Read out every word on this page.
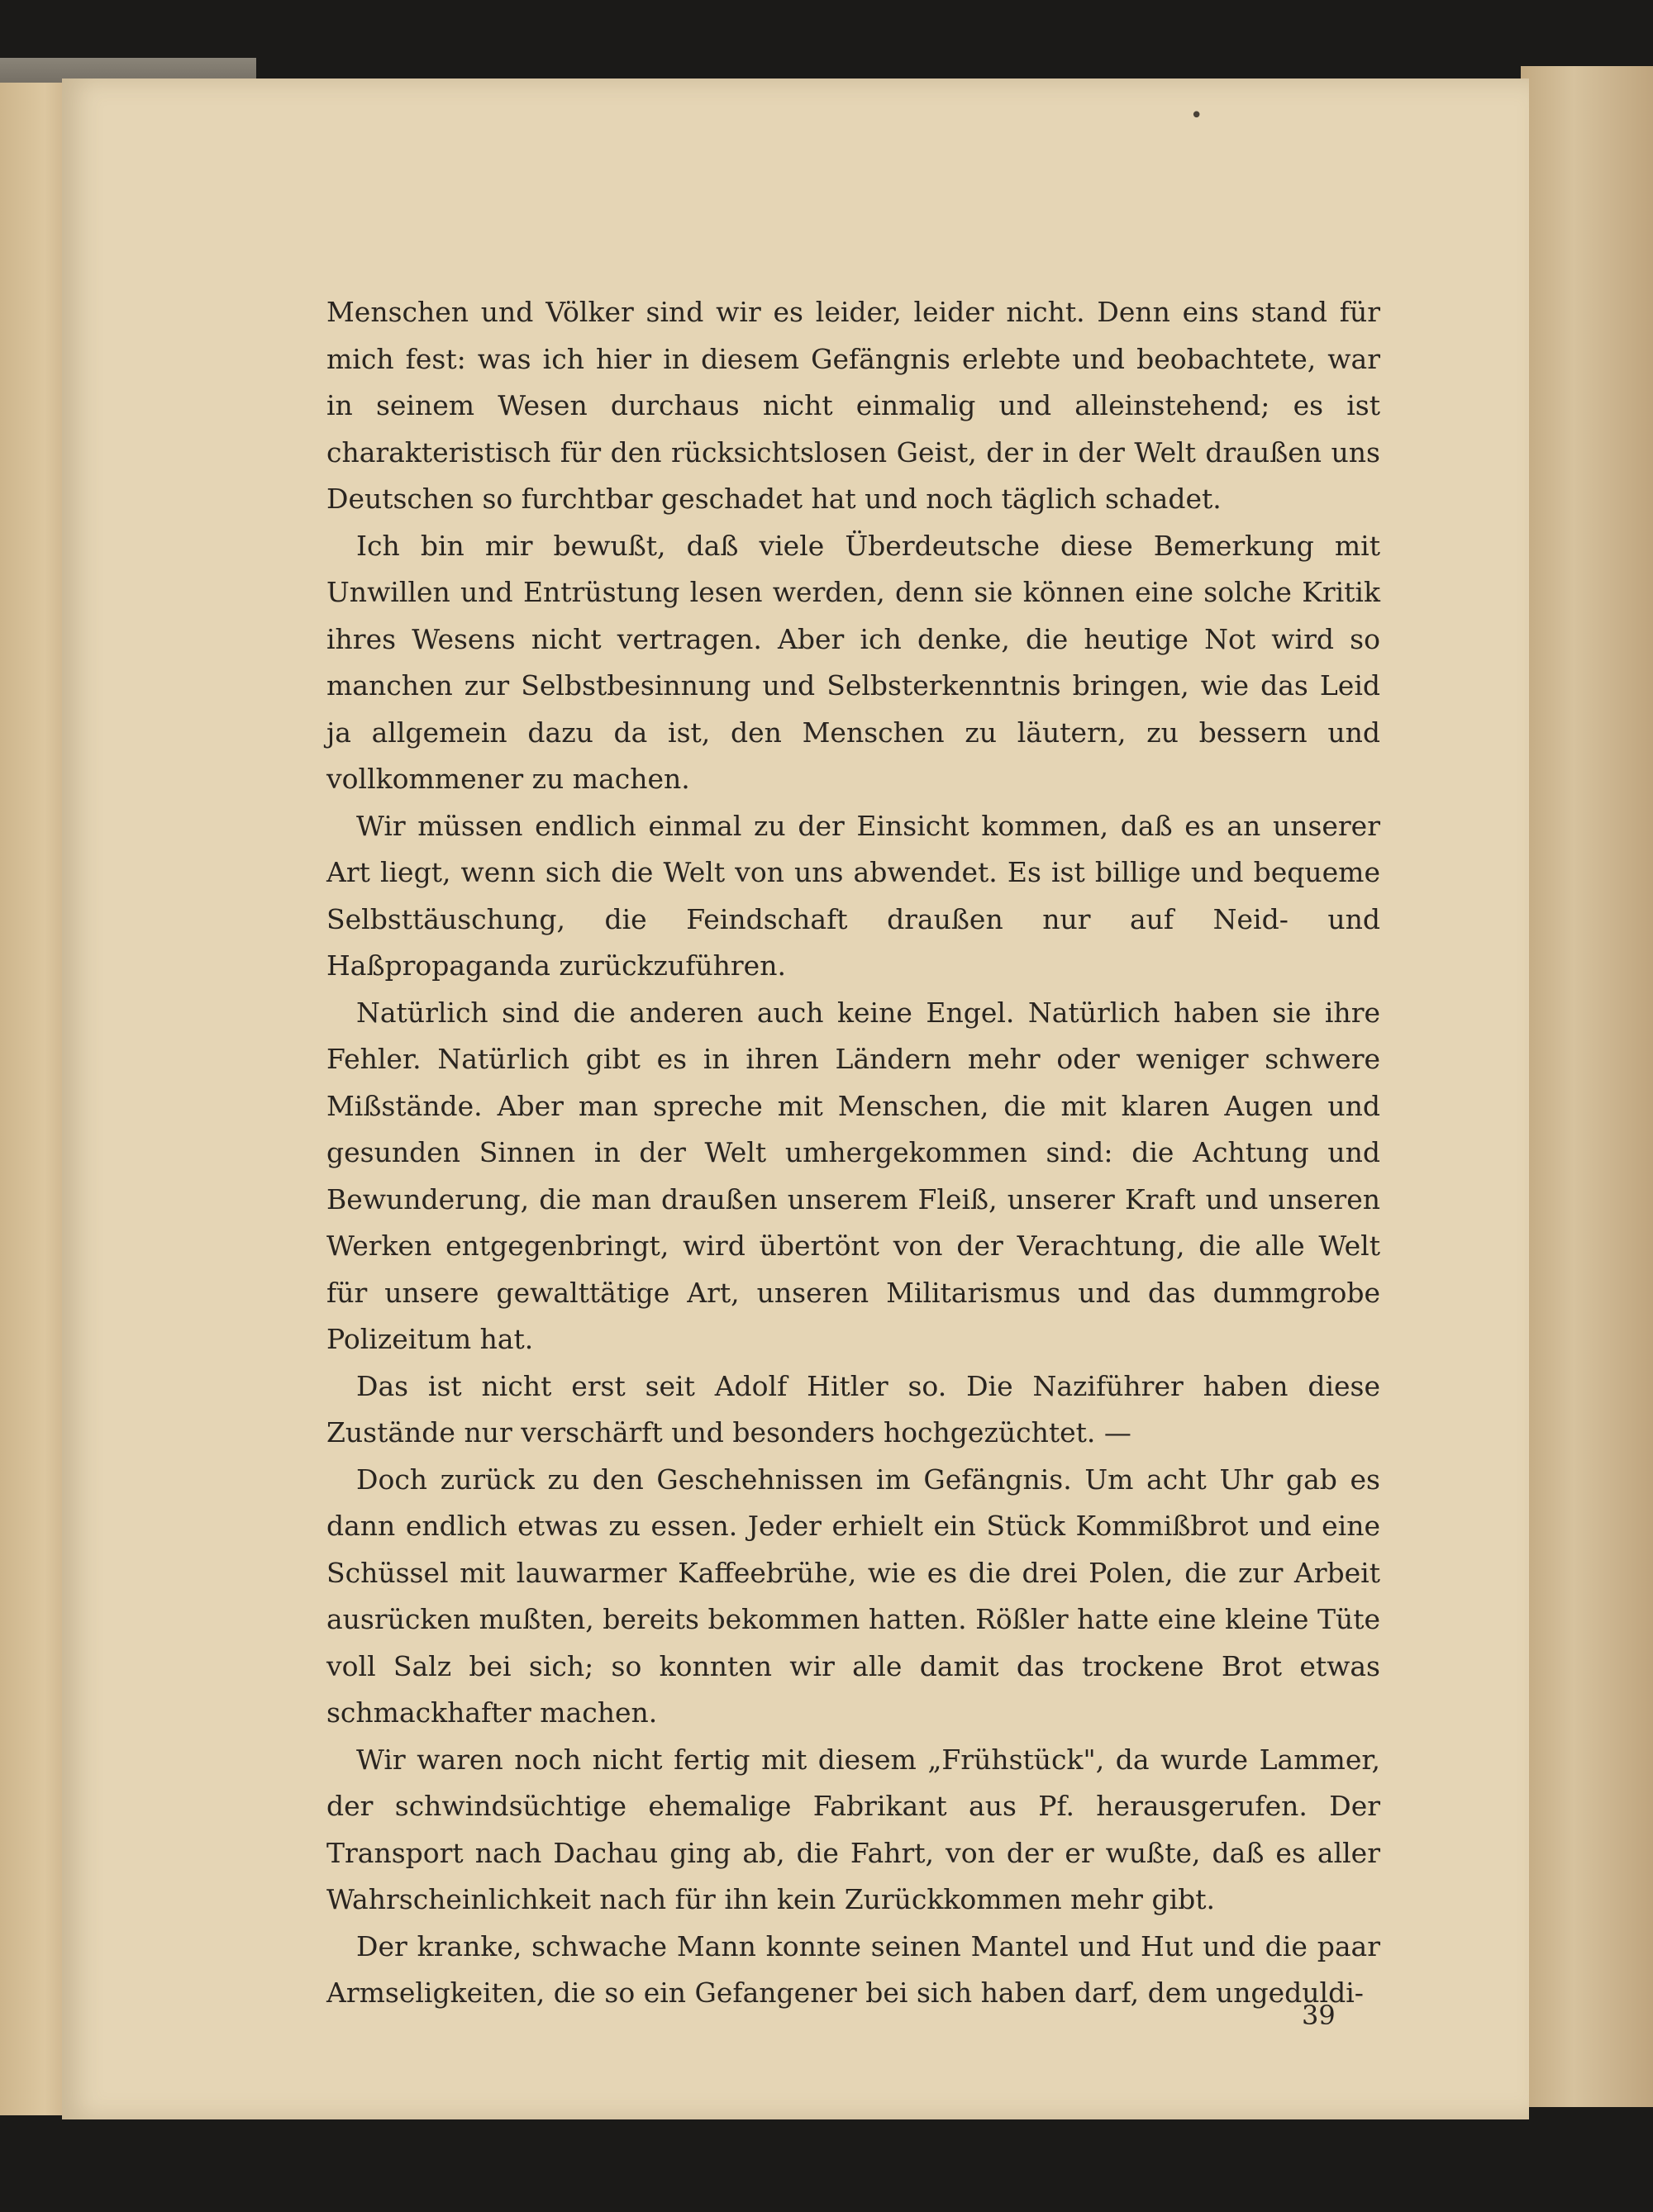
•

Menschen und Völker sind wir es leider, leider nicht. Denn eins stand für mich fest: was ich hier in diesem Gefängnis erlebte und beobachtete, war in seinem Wesen durchaus nicht einmalig und alleinstehend; es ist charakteristisch für den rücksichtslosen Geist, der in der Welt draußen uns Deutschen so furchtbar geschadet hat und noch täglich schadet.

Ich bin mir bewußt, daß viele Überdeutsche diese Bemerkung mit Unwillen und Entrüstung lesen werden, denn sie können eine solche Kritik ihres Wesens nicht vertragen. Aber ich denke, die heutige Not wird so manchen zur Selbstbesinnung und Selbsterkenntnis bringen, wie das Leid ja allgemein dazu da ist, den Menschen zu läutern, zu bessern und vollkommener zu machen.

Wir müssen endlich einmal zu der Einsicht kommen, daß es an unserer Art liegt, wenn sich die Welt von uns abwendet. Es ist billige und bequeme Selbsttäuschung, die Feindschaft draußen nur auf Neid- und Haßpropaganda zurückzuführen.

Natürlich sind die anderen auch keine Engel. Natürlich haben sie ihre Fehler. Natürlich gibt es in ihren Ländern mehr oder weniger schwere Mißstände. Aber man spreche mit Menschen, die mit klaren Augen und gesunden Sinnen in der Welt umhergekommen sind: die Achtung und Bewunderung, die man draußen unserem Fleiß, unserer Kraft und unseren Werken entgegenbringt, wird übertönt von der Verachtung, die alle Welt für unsere gewalttätige Art, unseren Militarismus und das dummgrobe Polizeitum hat.

Das ist nicht erst seit Adolf Hitler so. Die Naziführer haben diese Zustände nur verschärft und besonders hochgezüchtet. —

Doch zurück zu den Geschehnissen im Gefängnis. Um acht Uhr gab es dann endlich etwas zu essen. Jeder erhielt ein Stück Kommißbrot und eine Schüssel mit lauwarmer Kaffeebrühe, wie es die drei Polen, die zur Arbeit ausrücken mußten, bereits bekommen hatten. Rößler hatte eine kleine Tüte voll Salz bei sich; so konnten wir alle damit das trockene Brot etwas schmackhafter machen.

Wir waren noch nicht fertig mit diesem „Frühstück", da wurde Lammer, der schwindsüchtige ehemalige Fabrikant aus Pf. herausgerufen. Der Transport nach Dachau ging ab, die Fahrt, von der er wußte, daß es aller Wahrscheinlichkeit nach für ihn kein Zurückkommen mehr gibt.

Der kranke, schwache Mann konnte seinen Mantel und Hut und die paar Armseligkeiten, die so ein Gefangener bei sich haben darf, dem ungeduldi-

39
